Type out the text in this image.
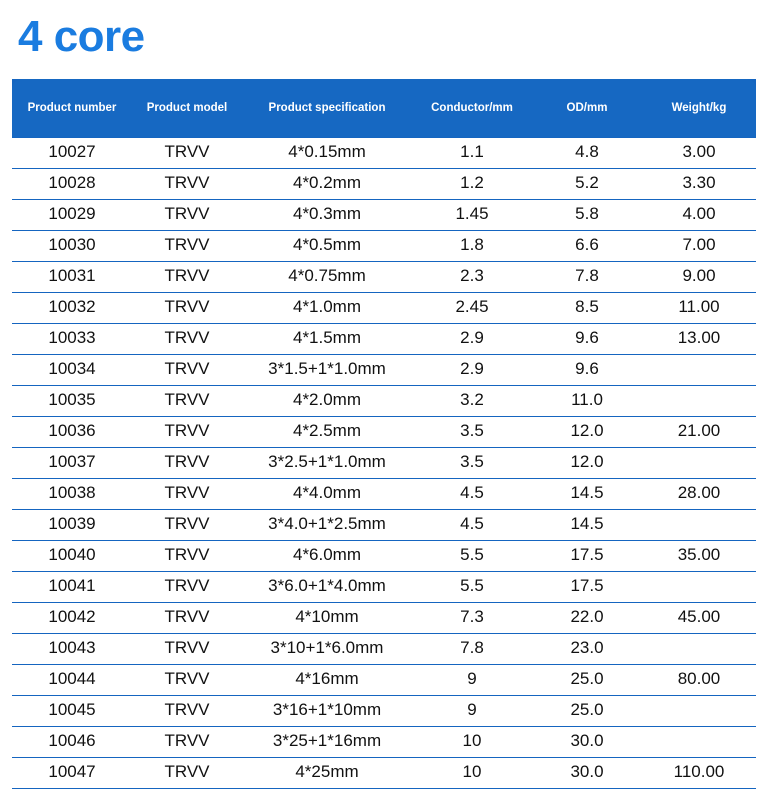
4 core
Product number	Product model	Product specification	Conductor/mm	OD/mm	Weight/kg
10027	TRVV	4*0.15mm	1.1	4.8	3.00
10028	TRVV	4*0.2mm	1.2	5.2	3.30
10029	TRVV	4*0.3mm	1.45	5.8	4.00
10030	TRVV	4*0.5mm	1.8	6.6	7.00
10031	TRVV	4*0.75mm	2.3	7.8	9.00
10032	TRVV	4*1.0mm	2.45	8.5	11.00
10033	TRVV	4*1.5mm	2.9	9.6	13.00
10034	TRVV	3*1.5+1*1.0mm	2.9	9.6	
10035	TRVV	4*2.0mm	3.2	11.0	
10036	TRVV	4*2.5mm	3.5	12.0	21.00
10037	TRVV	3*2.5+1*1.0mm	3.5	12.0	
10038	TRVV	4*4.0mm	4.5	14.5	28.00
10039	TRVV	3*4.0+1*2.5mm	4.5	14.5	
10040	TRVV	4*6.0mm	5.5	17.5	35.00
10041	TRVV	3*6.0+1*4.0mm	5.5	17.5	
10042	TRVV	4*10mm	7.3	22.0	45.00
10043	TRVV	3*10+1*6.0mm	7.8	23.0	
10044	TRVV	4*16mm	9	25.0	80.00
10045	TRVV	3*16+1*10mm	9	25.0	
10046	TRVV	3*25+1*16mm	10	30.0	
10047	TRVV	4*25mm	10	30.0	110.00
